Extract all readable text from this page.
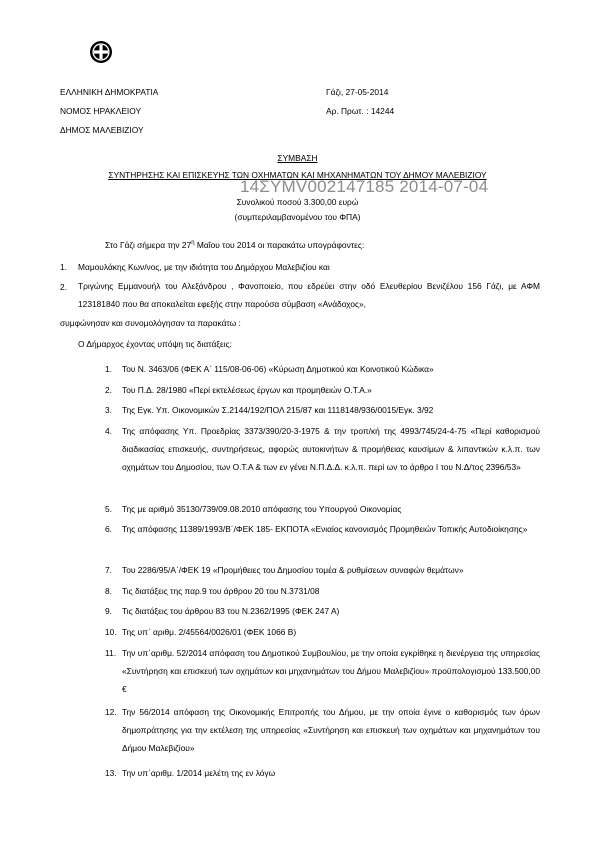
ΕΛΛΗΝΙΚΗ ΔΗΜΟΚΡΑΤΙΑ
ΝΟΜΟΣ ΗΡΑΚΛΕΙΟΥ
ΔΗΜΟΣ ΜΑΛΕΒΙΖΙΟΥ
Γάζι, 27-05-2014
Αρ. Πρωτ. : 14244
ΣΥΜΒΑΣΗ
ΣΥΝΤΗΡΗΣΗΣ ΚΑΙ ΕΠΙΣΚΕΥΗΣ ΤΩΝ ΟΧΗΜΑΤΩΝ ΚΑΙ ΜΗΧΑΝΗΜΑΤΩΝ ΤΟΥ ΔΗΜΟΥ ΜΑΛΕΒΙΖΙΟΥ
14ΣΥΜV002147185 2014-07-04
Συνολικού ποσού 3.300,00 ευρώ
(συμπεριλαμβανομένου του ΦΠΑ)
Στο Γάζι σήμερα την $27^\eta$ Μαΐου του 2014 οι παρακάτω υπογράφοντες:
1. Μαμουλάκης Κων/νος, με την ιδιότητα του Δημάρχου Μαλεβιζίου και
2. Τριγώνης Εμμανουήλ του Αλεξάνδρου , Φανοποιείο, που εδρεύει στην οδό Ελευθερίου Βενιζέλου 156 Γάζι, με ΑΦΜ 123181840 που θα αποκαλείται εφεξής στην παρούσα σύμβαση «Ανάδοχος»,
συμφώνησαν και συνομολόγησαν τα παρακάτω :
Ο Δήμαρχος έχοντας υπόψη τις διατάξεις:
1. Του Ν. 3463/06 (ΦΕΚ Α΄ 115/08-06-06) «Κύρωση Δημοτικού και Κοινοτικού Κώδικα»
2. Του Π.Δ. 28/1980 «Περί εκτελέσεως έργων και προμηθειών Ο.Τ.Α.»
3. Της Εγκ. Υπ. Οικονομικών Σ.2144/192/ΠΟΛ 215/87 και 1118148/936/0015/Εγκ. 3/92
4. Της απόφασης Υπ. Προεδρίας 3373/390/20-3-1975 & την τροπ/κή της 4993/745/24-4-75 «Περί καθορισμού διαδικασίας επισκευής, συντηρήσεως, αφορώς αυτοκινήτων & προμήθειας καυσίμων & λιπαντικών κ.λ.π. των οχημάτων του Δημοσίου, των Ο.Τ.Α & των εν γένει Ν.Π.Δ.Δ. κ.λ.π. περί ων το άρθρο Ι του Ν.Δ/τος 2396/53»
5. Της με αριθμό 35130/739/09.08.2010 απόφασης του Υπουργού Οικονομίας
6. Της απόφασης 11389/1993/Β΄/ΦΕΚ 185- ΕΚΠΟΤΑ «Ενιαίος κανονισμός Προμηθειών Τοπικής Αυτοδιοίκησης»
7. Του 2286/95/Α΄/ΦΕΚ 19 «Προμήθειες του Δημοσίου τομέα & ρυθμίσεων συναφών θεμάτων»
8. Τις διατάξεις της παρ.9 του άρθρου 20 του Ν.3731/08
9. Τις διατάξεις του άρθρου 83 του Ν.2362/1995 (ΦΕΚ 247 Α)
10. Της υπ΄ αριθμ. 2/45564/0026/01 (ΦΕΚ 1066 Β)
11. Την υπ΄αριθμ. 52/2014 απόφαση του Δημοτικού Συμβουλίου, με την οποία εγκρίθηκε η διενέργεια της υπηρεσίας «Συντήρηση και επισκευή των οχημάτων και μηχανημάτων του Δήμου Μαλεβιζίου» προϋπολογισμού 133.500,00 €
12. Την 56/2014 απόφαση της Οικονομικής Επιτροπής του Δήμου, με την οποία έγινε ο καθορισμός των όρων δημοπράτησης για την εκτέλεση της υπηρεσίας «Συντήρηση και επισκευή των οχημάτων και μηχανημάτων του Δήμου Μαλεβιζίου»
13. Την υπ΄αριθμ. 1/2014 μελέτη της εν λόγω
